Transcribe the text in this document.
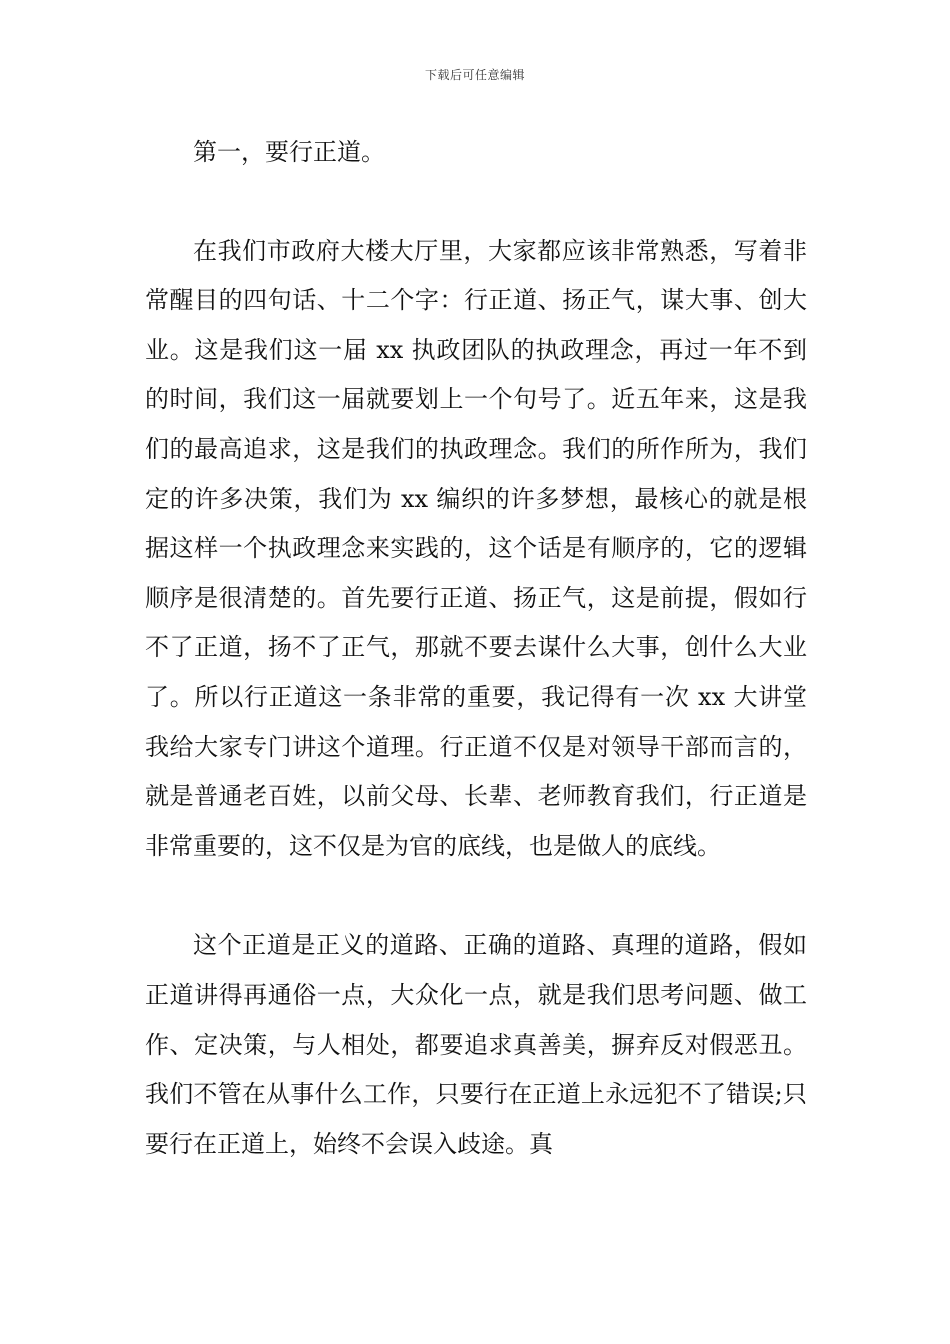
下载后可任意编辑

第一，要行正道。

在我们市政府大楼大厅里，大家都应该非常熟悉，写着非常醒目的四句话、十二个字：行正道、扬正气，谋大事、创大业。这是我们这一届 xx 执政团队的执政理念，再过一年不到的时间，我们这一届就要划上一个句号了。近五年来，这是我们的最高追求，这是我们的执政理念。我们的所作所为，我们定的许多决策，我们为 xx 编织的许多梦想，最核心的就是根据这样一个执政理念来实践的，这个话是有顺序的，它的逻辑顺序是很清楚的。首先要行正道、扬正气，这是前提，假如行不了正道，扬不了正气，那就不要去谋什么大事，创什么大业了。所以行正道这一条非常的重要，我记得有一次 xx 大讲堂我给大家专门讲这个道理。行正道不仅是对领导干部而言的，就是普通老百姓，以前父母、长辈、老师教育我们，行正道是非常重要的，这不仅是为官的底线，也是做人的底线。

这个正道是正义的道路、正确的道路、真理的道路，假如正道讲得再通俗一点，大众化一点，就是我们思考问题、做工作、定决策，与人相处，都要追求真善美，摒弃反对假恶丑。我们不管在从事什么工作，只要行在正道上永远犯不了错误;只要行在正道上，始终不会误入歧途。真
